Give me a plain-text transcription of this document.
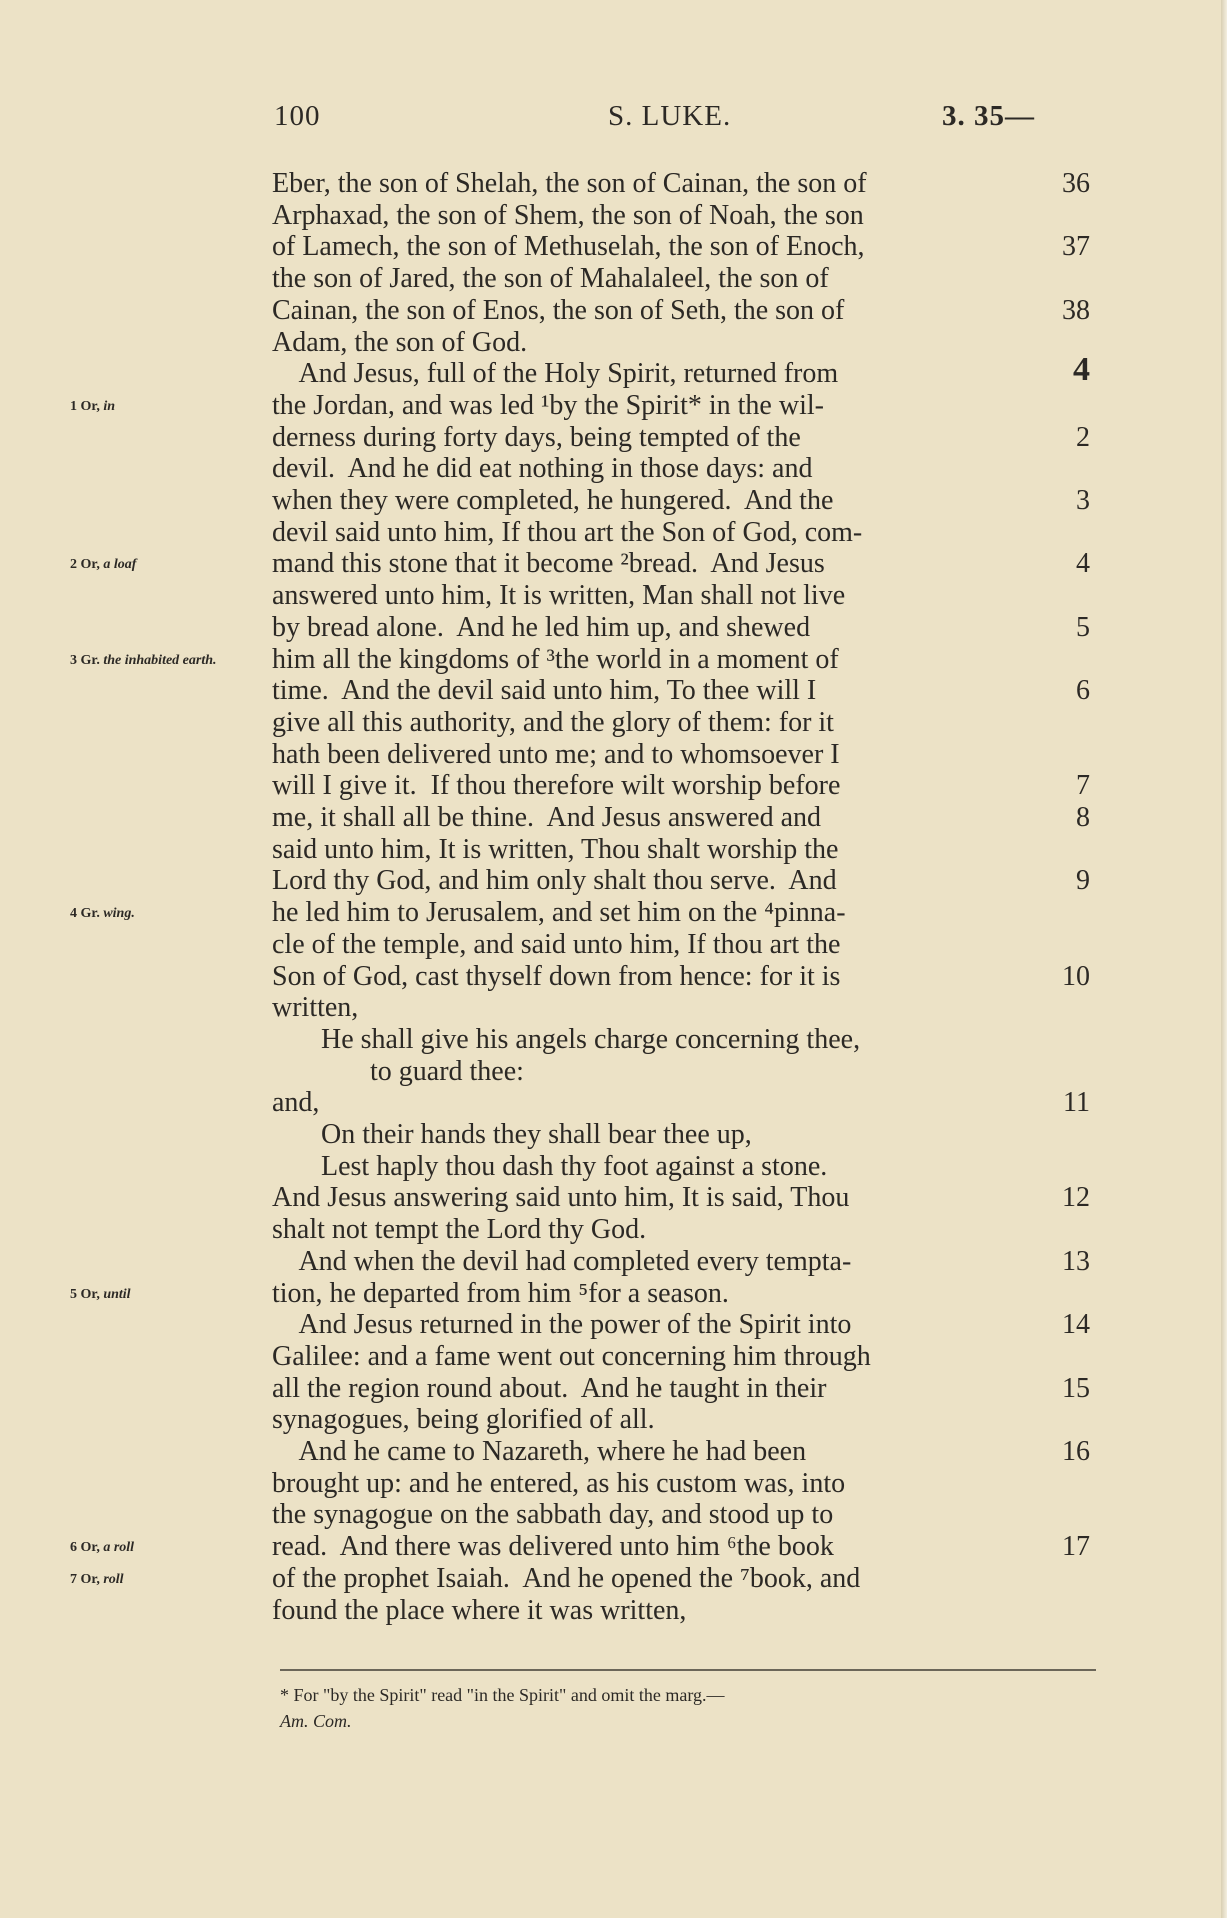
100	S. LUKE.	3. 35—
Eber, the son of Shelah, the son of Cainan, the son of	36
Arphaxad, the son of Shem, the son of Noah, the son
of Lamech, the son of Methuselah, the son of Enoch,	37
the son of Jared, the son of Mahalaleel, the son of
Cainan, the son of Enos, the son of Seth, the son of	38
Adam, the son of God.
And Jesus, full of the Holy Spirit, returned from	4
the Jordan, and was led ¹by the Spirit* in the wil-
derness during forty days, being tempted of the	2
devil.  And he did eat nothing in those days: and
when they were completed, he hungered.  And the	3
devil said unto him, If thou art the Son of God, com-
mand this stone that it become ²bread.  And Jesus	4
answered unto him, It is written, Man shall not live
by bread alone.  And he led him up, and shewed	5
him all the kingdoms of ³the world in a moment of
time.  And the devil said unto him, To thee will I	6
give all this authority, and the glory of them: for it
hath been delivered unto me; and to whomsoever I
will I give it.  If thou therefore wilt worship before	7
me, it shall all be thine.  And Jesus answered and	8
said unto him, It is written, Thou shalt worship the
Lord thy God, and him only shalt thou serve.  And	9
he led him to Jerusalem, and set him on the ⁴pinna-
cle of the temple, and said unto him, If thou art the
Son of God, cast thyself down from hence: for it is	10
written,
He shall give his angels charge concerning thee,
to guard thee:
and,	11
On their hands they shall bear thee up,
Lest haply thou dash thy foot against a stone.
And Jesus answering said unto him, It is said, Thou	12
shalt not tempt the Lord thy God.
And when the devil had completed every tempta-	13
tion, he departed from him ⁵for a season.
And Jesus returned in the power of the Spirit into	14
Galilee: and a fame went out concerning him through
all the region round about.  And he taught in their	15
synagogues, being glorified of all.
And he came to Nazareth, where he had been	16
brought up: and he entered, as his custom was, into
the synagogue on the sabbath day, and stood up to
read.  And there was delivered unto him ⁶the book	17
of the prophet Isaiah.  And he opened the ⁷book, and
found the place where it was written,
1 Or, in
2 Or, a loaf
3 Gr. the inhabited earth.
4 Gr. wing.
5 Or, until
6 Or, a roll
7 Or, roll
* For "by the Spirit" read "in the Spirit" and omit the marg.—
Am. Com.
